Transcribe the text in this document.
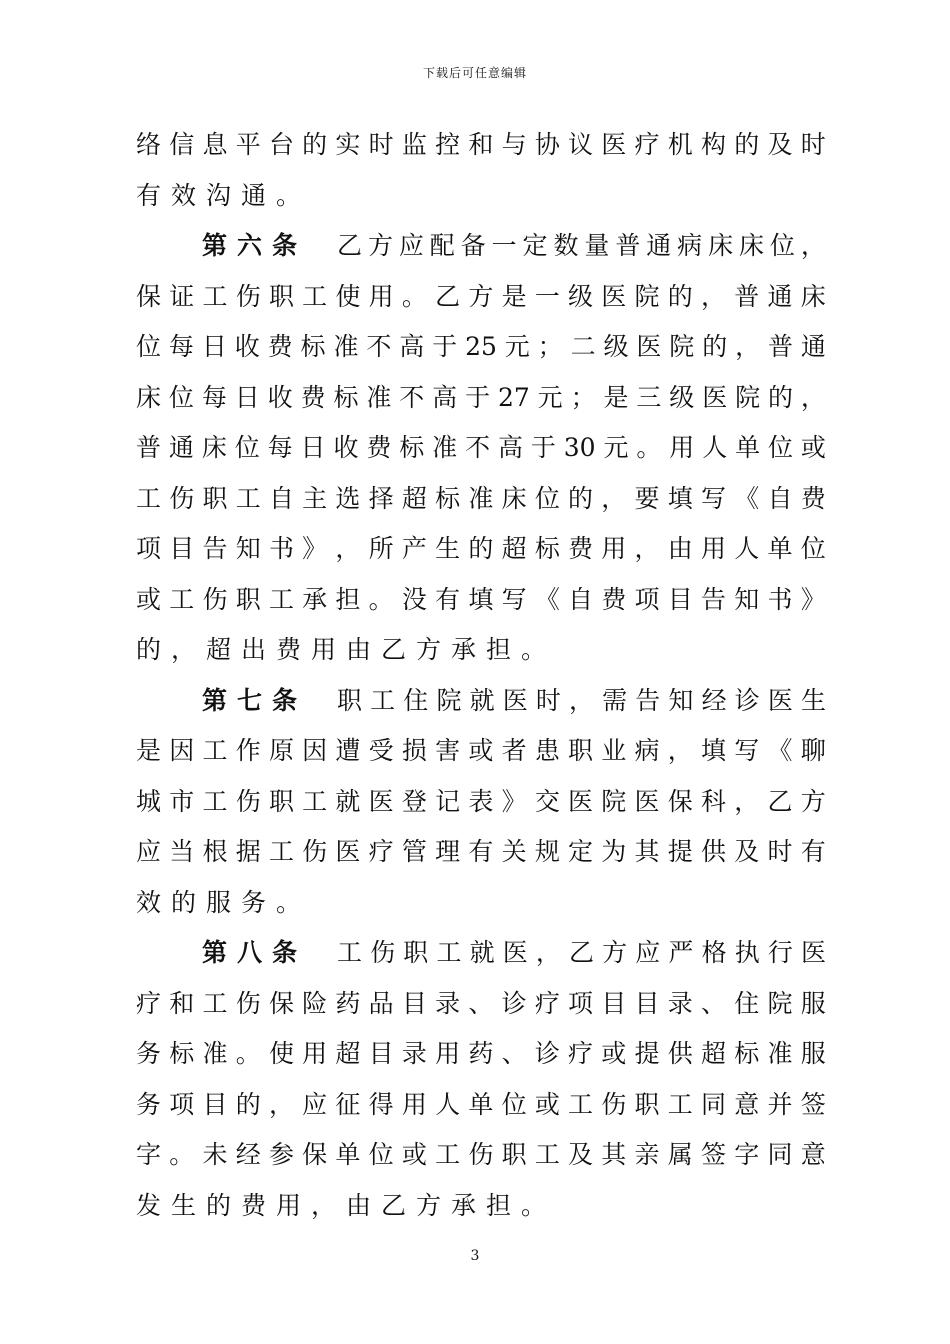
下载后可任意编辑
络 信 息 平 台 的 实 时 监 控 和 与 协 议 医 疗 机 构 的 及 时
有效沟通。
第六条 乙 方 应 配 备 一 定 数 量 普 通 病 床 床 位 ，
保 证 工 伤 职 工 使 用 。 乙 方 是 一 级 医 院 的 ， 普 通 床
位 每 日 收 费 标 准 不 高 于 25 元 ； 二 级 医 院 的 ， 普 通
床 位 每 日 收 费 标 准 不 高 于 27 元 ； 是 三 级 医 院 的 ，
普 通 床 位 每 日 收 费 标 准 不 高 于 30 元 。 用 人 单 位 或
工 伤 职 工 自 主 选 择 超 标 准 床 位 的 ， 要 填 写 《 自 费
项 目 告 知 书 》 ， 所 产 生 的 超 标 费 用 ， 由 用 人 单 位
或 工 伤 职 工 承 担 。 没 有 填 写 《 自 费 项 目 告 知 书 》
的，超出费用由乙方承担。
第七条 职 工 住 院 就 医 时 ， 需 告 知 经 诊 医 生
是 因 工 作 原 因 遭 受 损 害 或 者 患 职 业 病 ， 填 写 《 聊
城 市 工 伤 职 工 就 医 登 记 表 》 交 医 院 医 保 科 ， 乙 方
应 当 根 据 工 伤 医 疗 管 理 有 关 规 定 为 其 提 供 及 时 有
效的服务。
第八条 工 伤 职 工 就 医 ， 乙 方 应 严 格 执 行 医
疗 和 工 伤 保 险 药 品 目 录 、 诊 疗 项 目 目 录 、 住 院 服
务 标 准 。 使 用 超 目 录 用 药 、 诊 疗 或 提 供 超 标 准 服
务 项 目 的 ， 应 征 得 用 人 单 位 或 工 伤 职 工 同 意 并 签
字 。 未 经 参 保 单 位 或 工 伤 职 工 及 其 亲 属 签 字 同 意
发生的费用，由乙方承担。
3
